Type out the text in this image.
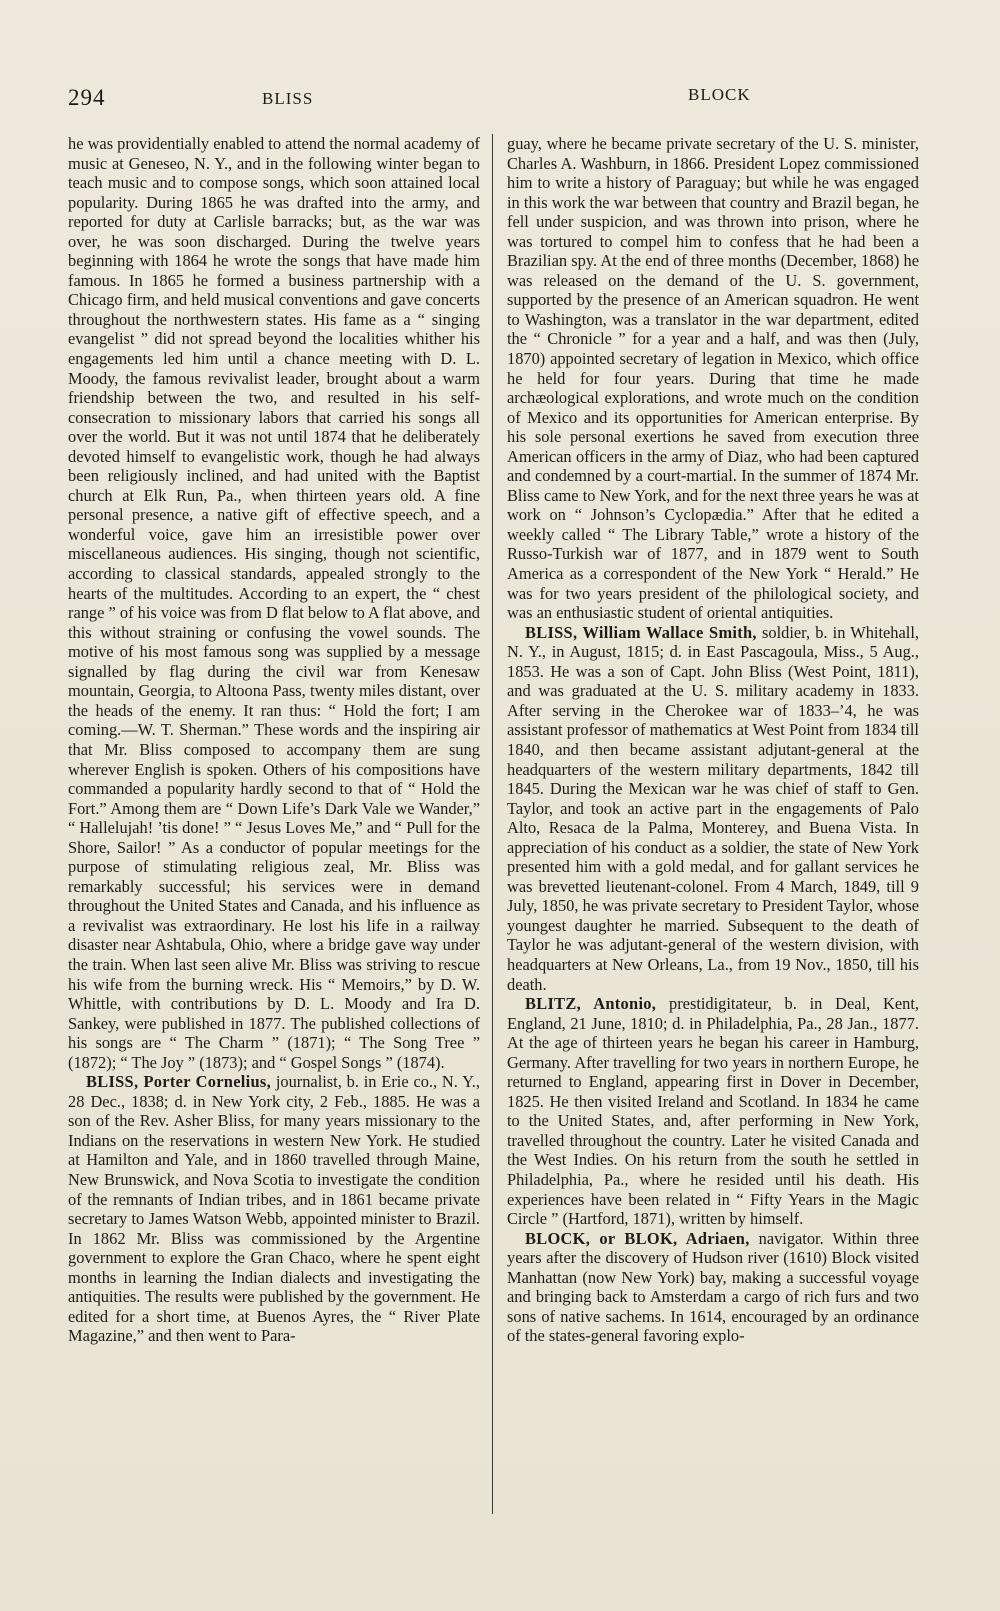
294	BLISS	BLOCK

he was providentially enabled to attend the normal academy of music at Geneseo, N. Y., and in the following winter began to teach music and to compose songs, which soon attained local popularity. During 1865 he was drafted into the army, and reported for duty at Carlisle barracks; but, as the war was over, he was soon discharged. During the twelve years beginning with 1864 he wrote the songs that have made him famous. In 1865 he formed a business partnership with a Chicago firm, and held musical conventions and gave concerts throughout the northwestern states. His fame as a “ singing evangelist ” did not spread beyond the localities whither his engagements led him until a chance meeting with D. L. Moody, the famous revivalist leader, brought about a warm friendship between the two, and resulted in his self-consecration to missionary labors that carried his songs all over the world. But it was not until 1874 that he deliberately devoted himself to evangelistic work, though he had always been religiously inclined, and had united with the Baptist church at Elk Run, Pa., when thirteen years old. A fine personal presence, a native gift of effective speech, and a wonderful voice, gave him an irresistible power over miscellaneous audiences. His singing, though not scientific, according to classical standards, appealed strongly to the hearts of the multitudes. According to an expert, the “ chest range ” of his voice was from D flat below to A flat above, and this without straining or confusing the vowel sounds. The motive of his most famous song was supplied by a message signalled by flag during the civil war from Kenesaw mountain, Georgia, to Altoona Pass, twenty miles distant, over the heads of the enemy. It ran thus: “ Hold the fort; I am coming.—W. T. Sherman.” These words and the inspiring air that Mr. Bliss composed to accompany them are sung wherever English is spoken. Others of his compositions have commanded a popularity hardly second to that of “ Hold the Fort.” Among them are “ Down Life’s Dark Vale we Wander,” “ Hallelujah! ’tis done! ” “ Jesus Loves Me,” and “ Pull for the Shore, Sailor! ” As a conductor of popular meetings for the purpose of stimulating religious zeal, Mr. Bliss was remarkably successful; his services were in demand throughout the United States and Canada, and his influence as a revivalist was extraordinary. He lost his life in a railway disaster near Ashtabula, Ohio, where a bridge gave way under the train. When last seen alive Mr. Bliss was striving to rescue his wife from the burning wreck. His “ Memoirs,” by D. W. Whittle, with contributions by D. L. Moody and Ira D. Sankey, were published in 1877. The published collections of his songs are “ The Charm ” (1871); “ The Song Tree ” (1872); “ The Joy ” (1873); and “ Gospel Songs ” (1874).

BLISS, Porter Cornelius, journalist, b. in Erie co., N. Y., 28 Dec., 1838; d. in New York city, 2 Feb., 1885. He was a son of the Rev. Asher Bliss, for many years missionary to the Indians on the reservations in western New York. He studied at Hamilton and Yale, and in 1860 travelled through Maine, New Brunswick, and Nova Scotia to investigate the condition of the remnants of Indian tribes, and in 1861 became private secretary to James Watson Webb, appointed minister to Brazil. In 1862 Mr. Bliss was commissioned by the Argentine government to explore the Gran Chaco, where he spent eight months in learning the Indian dialects and investigating the antiquities. The results were published by the government. He edited for a short time, at Buenos Ayres, the “ River Plate Magazine,” and then went to Para-

guay, where he became private secretary of the U. S. minister, Charles A. Washburn, in 1866. President Lopez commissioned him to write a history of Paraguay; but while he was engaged in this work the war between that country and Brazil began, he fell under suspicion, and was thrown into prison, where he was tortured to compel him to confess that he had been a Brazilian spy. At the end of three months (December, 1868) he was released on the demand of the U. S. government, supported by the presence of an American squadron. He went to Washington, was a translator in the war department, edited the “ Chronicle ” for a year and a half, and was then (July, 1870) appointed secretary of legation in Mexico, which office he held for four years. During that time he made archæological explorations, and wrote much on the condition of Mexico and its opportunities for American enterprise. By his sole personal exertions he saved from execution three American officers in the army of Diaz, who had been captured and condemned by a court-martial. In the summer of 1874 Mr. Bliss came to New York, and for the next three years he was at work on “ Johnson’s Cyclopædia.” After that he edited a weekly called “ The Library Table,” wrote a history of the Russo-Turkish war of 1877, and in 1879 went to South America as a correspondent of the New York “ Herald.” He was for two years president of the philological society, and was an enthusiastic student of oriental antiquities.

BLISS, William Wallace Smith, soldier, b. in Whitehall, N. Y., in August, 1815; d. in East Pascagoula, Miss., 5 Aug., 1853. He was a son of Capt. John Bliss (West Point, 1811), and was graduated at the U. S. military academy in 1833. After serving in the Cherokee war of 1833–’4, he was assistant professor of mathematics at West Point from 1834 till 1840, and then became assistant adjutant-general at the headquarters of the western military departments, 1842 till 1845. During the Mexican war he was chief of staff to Gen. Taylor, and took an active part in the engagements of Palo Alto, Resaca de la Palma, Monterey, and Buena Vista. In appreciation of his conduct as a soldier, the state of New York presented him with a gold medal, and for gallant services he was brevetted lieutenant-colonel. From 4 March, 1849, till 9 July, 1850, he was private secretary to President Taylor, whose youngest daughter he married. Subsequent to the death of Taylor he was adjutant-general of the western division, with headquarters at New Orleans, La., from 19 Nov., 1850, till his death.

BLITZ, Antonio, prestidigitateur, b. in Deal, Kent, England, 21 June, 1810; d. in Philadelphia, Pa., 28 Jan., 1877. At the age of thirteen years he began his career in Hamburg, Germany. After travelling for two years in northern Europe, he returned to England, appearing first in Dover in December, 1825. He then visited Ireland and Scotland. In 1834 he came to the United States, and, after performing in New York, travelled throughout the country. Later he visited Canada and the West Indies. On his return from the south he settled in Philadelphia, Pa., where he resided until his death. His experiences have been related in “ Fifty Years in the Magic Circle ” (Hartford, 1871), written by himself.

BLOCK, or BLOK, Adriaen, navigator. Within three years after the discovery of Hudson river (1610) Block visited Manhattan (now New York) bay, making a successful voyage and bringing back to Amsterdam a cargo of rich furs and two sons of native sachems. In 1614, encouraged by an ordinance of the states-general favoring explo-
